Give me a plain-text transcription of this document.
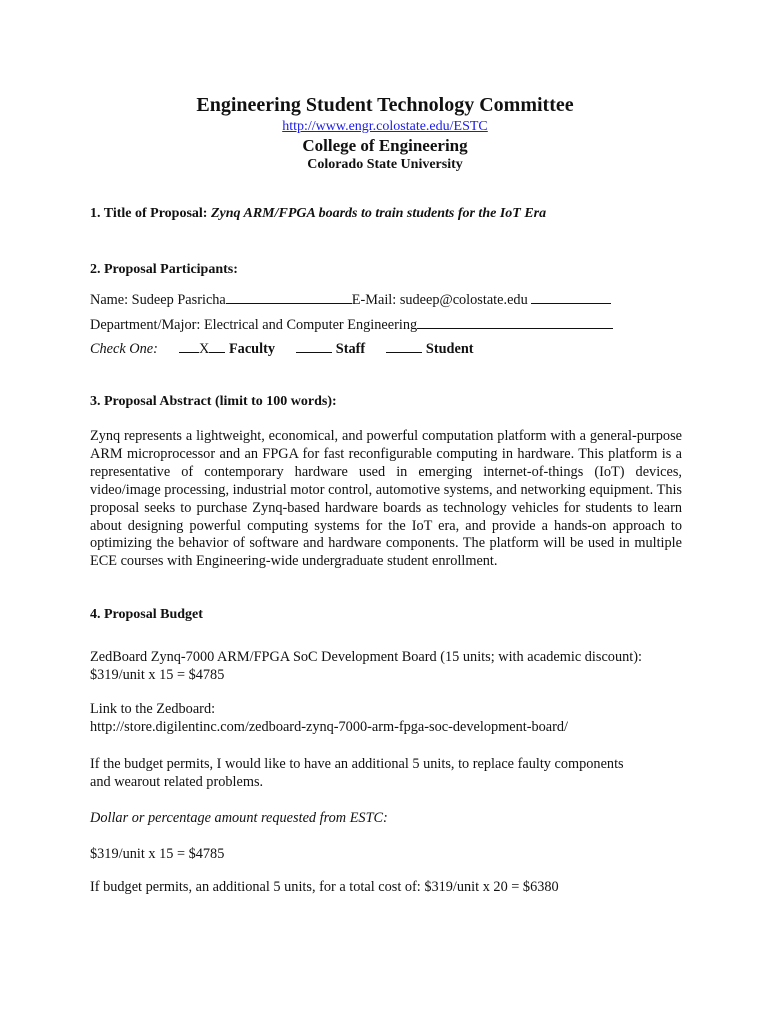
Engineering Student Technology Committee
http://www.engr.colostate.edu/ESTC
College of Engineering
Colorado State University
1. Title of Proposal: Zynq ARM/FPGA boards to train students for the IoT Era
2. Proposal Participants:
Name: Sudeep Pasricha	E-Mail: sudeep@colostate.edu
Department/Major: Electrical and Computer Engineering
Check One:	X Faculty	Staff	Student
3. Proposal Abstract (limit to 100 words):
Zynq represents a lightweight, economical, and powerful computation platform with a general-purpose ARM microprocessor and an FPGA for fast reconfigurable computing in hardware. This platform is a representative of contemporary hardware used in emerging internet-of-things (IoT) devices, video/image processing, industrial motor control, automotive systems, and networking equipment. This proposal seeks to purchase Zynq-based hardware boards as technology vehicles for students to learn about designing powerful computing systems for the IoT era, and provide a hands-on approach to optimizing the behavior of software and hardware components. The platform will be used in multiple ECE courses with Engineering-wide undergraduate student enrollment.
4. Proposal Budget
ZedBoard Zynq-7000 ARM/FPGA SoC Development Board (15 units; with academic discount):
$319/unit x 15 = $4785
Link to the Zedboard:
http://store.digilentinc.com/zedboard-zynq-7000-arm-fpga-soc-development-board/
If the budget permits, I would like to have an additional 5 units, to replace faulty components
and wearout related problems.
Dollar or percentage amount requested from ESTC:
$319/unit x 15 = $4785
If budget permits, an additional 5 units, for a total cost of: $319/unit x 20 = $6380
